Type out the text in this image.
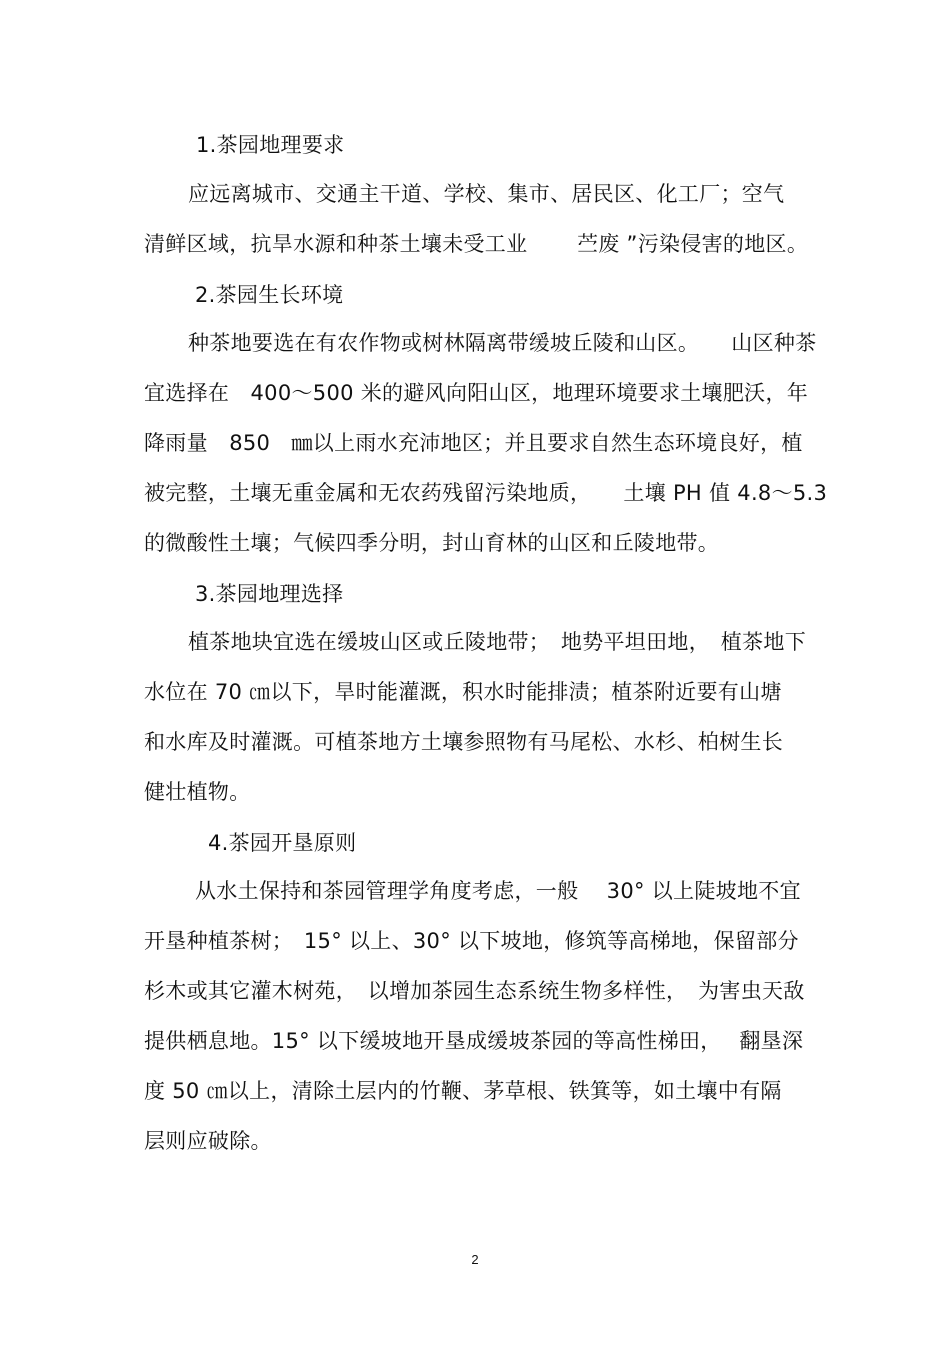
1.茶园地理要求
应远离城市、交通主干道、学校、集市、居民区、化工厂；空气
清鲜区域，抗旱水源和种茶土壤未受工业　　 苎废 ”污染侵害的地区。
2.茶园生长环境
种茶地要选在有农作物或树林隔离带缓坡丘陵和山区。　　山区种茶
宜选择在　400～500 米的避风向阳山区，地理环境要求土壤肥沃，年
降雨量　850　㎜以上雨水充沛地区；并且要求自然生态环境良好，植
被完整，土壤无重金属和无农药残留污染地质，　　土壤 PH 值 4.8～5.3
的微酸性土壤；气候四季分明，封山育林的山区和丘陵地带。
3.茶园地理选择
植茶地块宜选在缓坡山区或丘陵地带；　地势平坦田地，　植茶地下
水位在 70 ㎝以下，旱时能灌溉，积水时能排渍；植茶附近要有山塘
和水库及时灌溉。可植茶地方土壤参照物有马尾松、水杉、柏树生长
健壮植物。
4.茶园开垦原则
从水土保持和茶园管理学角度考虑，一般　 30° 以上陡坡地不宜
开垦种植茶树；　15° 以上、30° 以下坡地，修筑等高梯地，保留部分
杉木或其它灌木树苑，　以增加茶园生态系统生物多样性，　为害虫天敌
提供栖息地。15° 以下缓坡地开垦成缓坡茶园的等高性梯田，　 翻垦深
度 50 ㎝以上，清除土层内的竹鞭、茅草根、铁箕等，如土壤中有隔
层则应破除。
2
